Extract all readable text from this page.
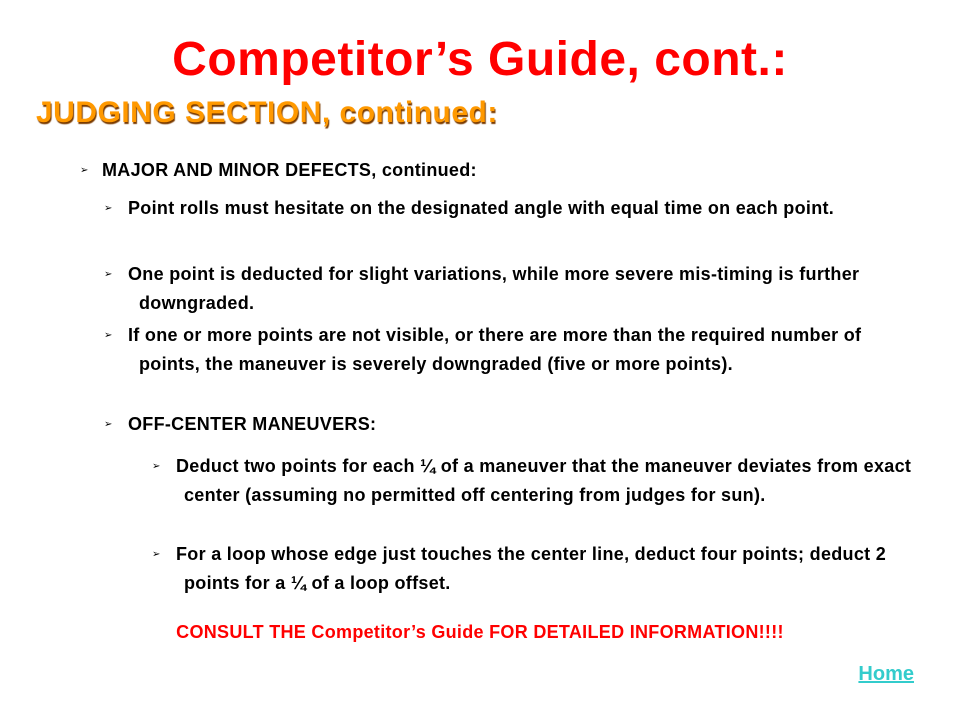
Competitor’s Guide, cont.:
JUDGING SECTION, continued:
➢ MAJOR AND MINOR DEFECTS, continued:
➢ Point rolls must hesitate on the designated angle with equal time on each point.
➢ One point is deducted for slight variations, while more severe mis-timing is further downgraded.
➢ If one or more points are not visible, or there are more than the required number of points, the maneuver is severely downgraded (five or more points).
➢ OFF-CENTER MANEUVERS:
➢ Deduct two points for each ¼ of a maneuver that the maneuver deviates from exact center (assuming no permitted off centering from judges for sun).
➢ For a loop whose edge just touches the center line, deduct four points; deduct 2 points for a ¼ of a loop offset.
CONSULT THE Competitor’s Guide FOR DETAILED INFORMATION!!!!
Home
